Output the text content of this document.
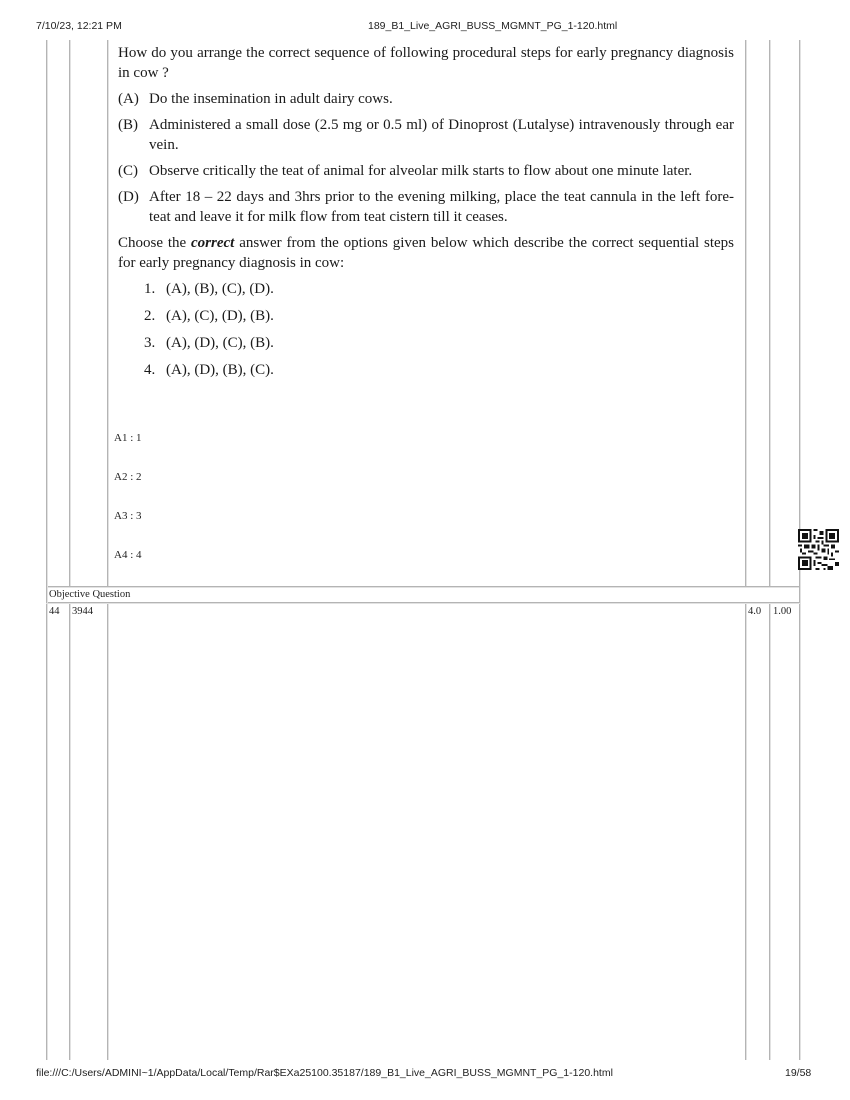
7/10/23, 12:21 PM	189_B1_Live_AGRI_BUSS_MGMNT_PG_1-120.html

How do you arrange the correct sequence of following procedural steps for early pregnancy diagnosis in cow ?

(A) Do the insemination in adult dairy cows.

(B) Administered a small dose (2.5 mg or 0.5 ml) of Dinoprost (Lutalyse) intravenously through ear vein.

(C) Observe critically the teat of animal for alveolar milk starts to flow about one minute later.

(D) After 18 – 22 days and 3hrs prior to the evening milking, place the teat cannula in the left fore-teat and leave it for milk flow from teat cistern till it ceases.

Choose the correct answer from the options given below which describe the correct sequential steps for early pregnancy diagnosis in cow:

1. (A), (B), (C), (D).

2. (A), (C), (D), (B).

3. (A), (D), (C), (B).

4. (A), (D), (B), (C).

A1 : 1
A2 : 2
A3 : 3
A4 : 4
Objective Question
44 3944	4.0 1.00
file:///C:/Users/ADMINI~1/AppData/Local/Temp/Rar$EXa25100.35187/189_B1_Live_AGRI_BUSS_MGMNT_PG_1-120.html	19/58
